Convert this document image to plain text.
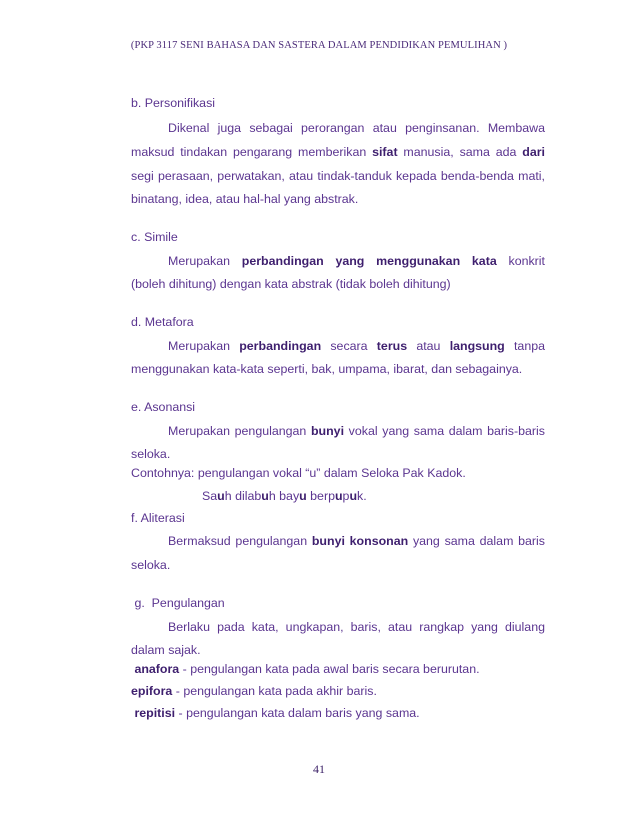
(PKP 3117 SENI BAHASA DAN SASTERA DALAM PENDIDIKAN PEMULIHAN )
b. Personifikasi
Dikenal juga sebagai perorangan atau penginsanan. Membawa
maksud tindakan pengarang memberikan sifat manusia, sama ada dari
segi perasaan, perwatakan, atau tindak-tanduk kepada benda-benda mati,
binatang, idea, atau hal-hal yang abstrak.
c. Simile
Merupakan perbandingan yang menggunakan kata konkrit
(boleh dihitung) dengan kata abstrak (tidak boleh dihitung)
d. Metafora
Merupakan perbandingan secara terus atau langsung tanpa
menggunakan kata-kata seperti, bak, umpama, ibarat, dan sebagainya.
e. Asonansi
Merupakan pengulangan bunyi vokal yang sama dalam baris-baris
seloka.
Contohnya: pengulangan vokal “u” dalam Seloka Pak Kadok.
Sauh dilabuh bayu berpupuk.
f. Aliterasi
Bermaksud pengulangan bunyi konsonan yang sama dalam baris
seloka.
g.  Pengulangan
Berlaku pada kata, ungkapan, baris, atau rangkap yang diulang
dalam sajak.
anafora - pengulangan kata pada awal baris secara berurutan.
epifora - pengulangan kata pada akhir baris.
repitisi - pengulangan kata dalam baris yang sama.
41
